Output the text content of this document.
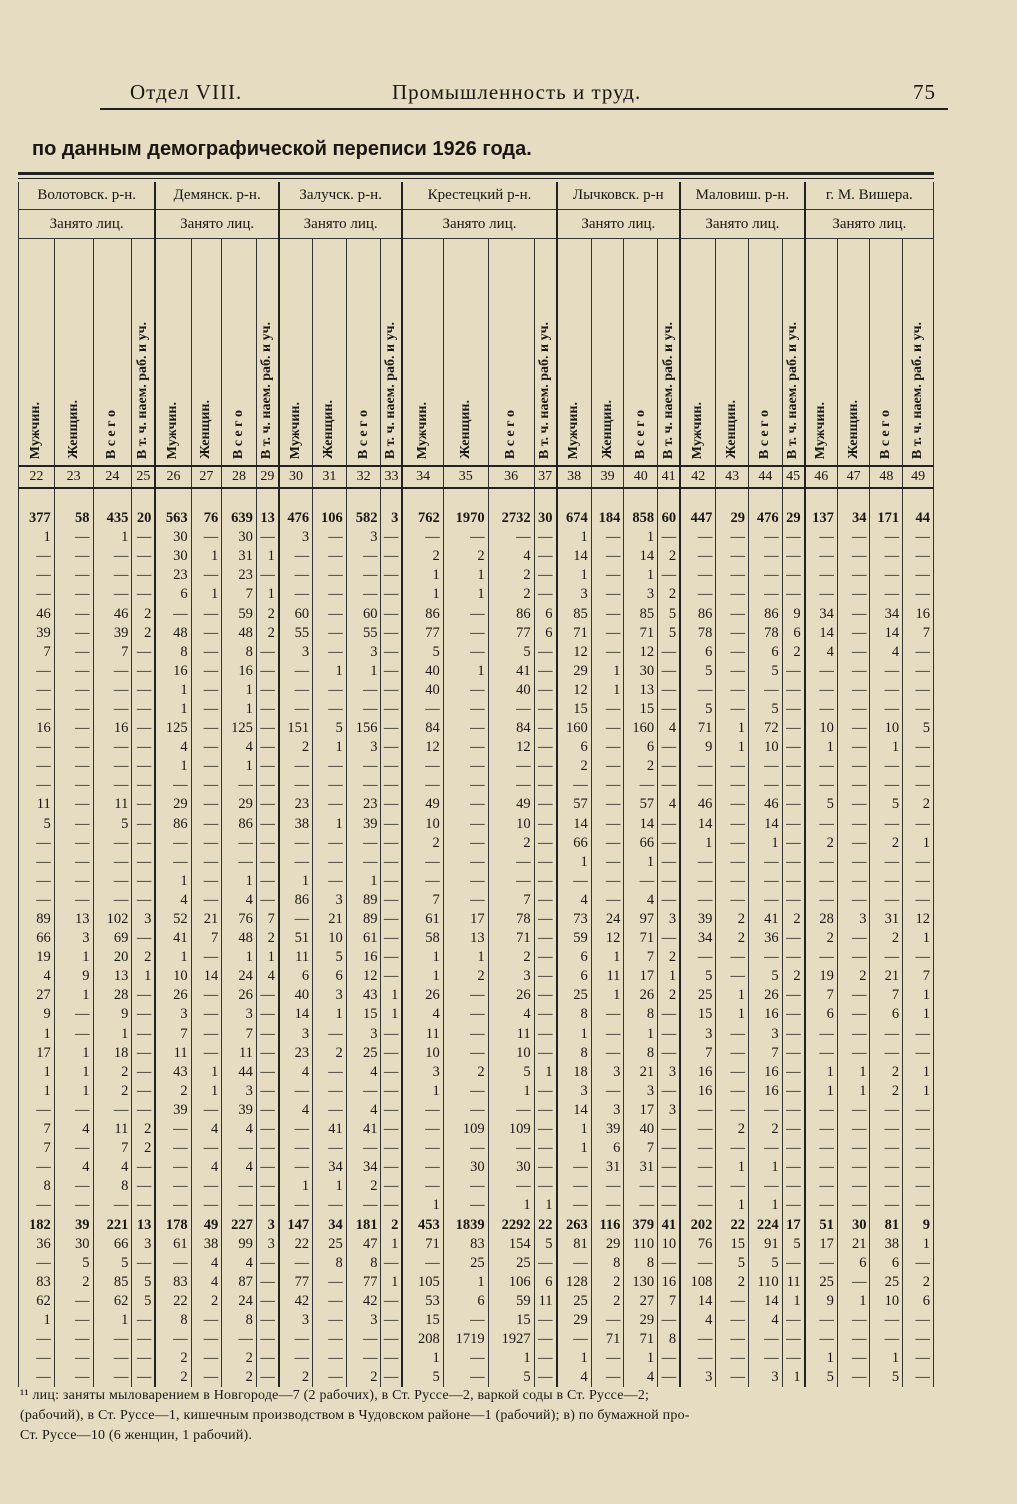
Отдел VIII.	Промышленность и труд.	75
по данным демографической переписи 1926 года.
Волотовск. р-н.				Демянск. р-н.				Залучск. р-н.				Крестецкий р-н.				Лычковск. р-н				Маловиш. р-н.				г. М. Вишера.			
Занято лиц.				Занято лиц.				Занято лиц.				Занято лиц.				Занято лиц.				Занято лиц.				Занято лиц.			

Мужчин.	Женщин.	В с е г о	В т. ч. наем. раб. и уч.	Мужчин.	Женщин.	В с е г о	В т. ч. наем. раб. и уч.	Мужчин.	Женщин.	В с е г о	В т. ч. наем. раб. и уч.	Мужчин.	Женщин.	В с е г о	В т. ч. наем. раб. и уч.	Мужчин.	Женщин.	В с е г о	В т. ч. наем. раб. и уч.	Мужчин.	Женщин.	В с е г о	В т. ч. наем. раб. и уч.	Мужчин.	Женщин.	В с е г о	В т. ч. наем. раб. и уч.

22	23	24	25	26	27	28	29	30	31	32	33	34	35	36	37	38	39	40	41	42	43	44	45	46	47	48	49

377	58	435	20	563	76	639	13	476	106	582	3	762	1970	2732	30	674	184	858	60	447	29	476	29	137	34	171	44
1	—	1	—	30	—	30	—	3	—	3	—	—	—	—	—	1	—	1	—	—	—	—	—	—	—	—	—
—	—	—	—	30	1	31	1	—	—	—	—	2	2	4	—	14	—	14	2	—	—	—	—	—	—	—	—
—	—	—	—	23	—	23	—	—	—	—	—	1	1	2	—	1	—	1	—	—	—	—	—	—	—	—	—
—	—	—	—	6	1	7	1	—	—	—	—	1	1	2	—	3	—	3	2	—	—	—	—	—	—	—	—
46	—	46	2	—	—	59	2	60	—	60	—	86	—	86	6	85	—	85	5	86	—	86	9	34	—	34	16
39	—	39	2	48	—	48	2	55	—	55	—	77	—	77	6	71	—	71	5	78	—	78	6	14	—	14	7
7	—	7	—	8	—	8	—	3	—	3	—	5	—	5	—	12	—	12	—	6	—	6	2	4	—	4	—
—	—	—	—	16	—	16	—	—	1	1	—	40	1	41	—	29	1	30	—	5	—	5	—	—	—	—	—
—	—	—	—	1	—	1	—	—	—	—	—	40	—	40	—	12	1	13	—	—	—	—	—	—	—	—	—
—	—	—	—	1	—	1	—	—	—	—	—	—	—	—	—	15	—	15	—	5	—	5	—	—	—	—	—
16	—	16	—	125	—	125	—	151	5	156	—	84	—	84	—	160	—	160	4	71	1	72	—	10	—	10	5
—	—	—	—	4	—	4	—	2	1	3	—	12	—	12	—	6	—	6	—	9	1	10	—	1	—	1	—
—	—	—	—	1	—	1	—	—	—	—	—	—	—	—	—	2	—	2	—	—	—	—	—	—	—	—	—
—	—	—	—	—	—	—	—	—	—	—	—	—	—	—	—	—	—	—	—	—	—	—	—	—	—	—	—
11	—	11	—	29	—	29	—	23	—	23	—	49	—	49	—	57	—	57	4	46	—	46	—	5	—	5	2
5	—	5	—	86	—	86	—	38	1	39	—	10	—	10	—	14	—	14	—	14	—	14	—	—	—	—	—
—	—	—	—	—	—	—	—	—	—	—	—	2	—	2	—	66	—	66	—	1	—	1	—	2	—	2	1
—	—	—	—	—	—	—	—	—	—	—	—	—	—	—	—	1	—	1	—	—	—	—	—	—	—	—	—
—	—	—	—	1	—	1	—	1	—	1	—	—	—	—	—	—	—	—	—	—	—	—	—	—	—	—	—
—	—	—	—	4	—	4	—	86	3	89	—	7	—	7	—	4	—	4	—	—	—	—	—	—	—	—	—
89	13	102	3	52	21	76	7	—	21	89	—	61	17	78	—	73	24	97	3	39	2	41	2	28	3	31	12
66	3	69	—	41	7	48	2	51	10	61	—	58	13	71	—	59	12	71	—	34	2	36	—	2	—	2	1
19	1	20	2	1	—	1	1	11	5	16	—	1	1	2	—	6	1	7	2	—	—	—	—	—	—	—	—
4	9	13	1	10	14	24	4	6	6	12	—	1	2	3	—	6	11	17	1	5	—	5	2	19	2	21	7
27	1	28	—	26	—	26	—	40	3	43	1	26	—	26	—	25	1	26	2	25	1	26	—	7	—	7	1
9	—	9	—	3	—	3	—	14	1	15	1	4	—	4	—	8	—	8	—	15	1	16	—	6	—	6	1
1	—	1	—	7	—	7	—	3	—	3	—	11	—	11	—	1	—	1	—	3	—	3	—	—	—	—	—
17	1	18	—	11	—	11	—	23	2	25	—	10	—	10	—	8	—	8	—	7	—	7	—	—	—	—	—
1	1	2	—	43	1	44	—	4	—	4	—	3	2	5	1	18	3	21	3	16	—	16	—	1	1	2	1
1	1	2	—	2	1	3	—	—	—	—	—	1	—	1	—	3	—	3	—	16	—	16	—	1	1	2	1
—	—	—	—	39	—	39	—	4	—	4	—	—	—	—	—	14	3	17	3	—	—	—	—	—	—	—	—
7	4	11	2	—	4	4	—	—	41	41	—	—	109	109	—	1	39	40	—	—	2	2	—	—	—	—	—
7	—	7	2	—	—	—	—	—	—	—	—	—	—	—	—	1	6	7	—	—	—	—	—	—	—	—	—
—	4	4	—	—	4	4	—	—	34	34	—	—	30	30	—	—	31	31	—	—	1	1	—	—	—	—	—
8	—	8	—	—	—	—	—	1	1	2	—	—	—	—	—	—	—	—	—	—	—	—	—	—	—	—	—
—	—	—	—	—	—	—	—	—	—	—	—	1	—	1	1	—	—	—	—	—	1	1	—	—	—	—	—
182	39	221	13	178	49	227	3	147	34	181	2	453	1839	2292	22	263	116	379	41	202	22	224	17	51	30	81	9
36	30	66	3	61	38	99	3	22	25	47	1	71	83	154	5	81	29	110	10	76	15	91	5	17	21	38	1
—	5	5	—	—	4	4	—	—	8	8	—	—	25	25	—	—	8	8	—	—	5	5	—	—	6	6	—
83	2	85	5	83	4	87	—	77	—	77	1	105	1	106	6	128	2	130	16	108	2	110	11	25	—	25	2
62	—	62	5	22	2	24	—	42	—	42	—	53	6	59	11	25	2	27	7	14	—	14	1	9	1	10	6
1	—	1	—	8	—	8	—	3	—	3	—	15	—	15	—	29	—	29	—	4	—	4	—	—	—	—	—
—	—	—	—	—	—	—	—	—	—	—	—	208	1719	1927	—	—	71	71	8	—	—	—	—	—	—	—	—
—	—	—	—	2	—	2	—	—	—	—	—	1	—	1	—	1	—	1	—	—	—	—	—	1	—	1	—
—	—	—	—	2	—	2	—	2	—	2	—	5	—	5	—	4	—	4	—	3	—	3	1	5	—	5	—
¹¹ лиц: заняты мыловарением в Новгороде—7 (2 рабочих), в Ст. Руссе—2, варкой соды в Ст. Руссе—2;
(рабочий), в Ст. Руссе—1, кишечным производством в Чудовском районе—1 (рабочий); в) по бумажной про-
Ст. Руссе—10 (6 женщин, 1 рабочий).
